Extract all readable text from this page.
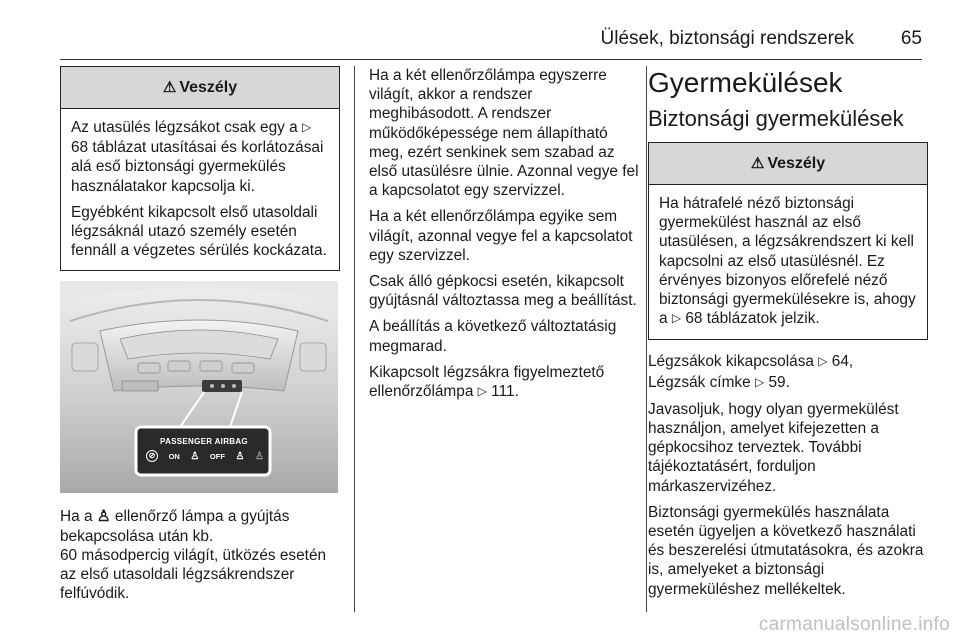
Ülések, biztonsági rendszerek 65
⚠ Veszély

Az utasülés légzsákot csak egy a ▷ 68 táblázat utasításai és korlátozásai alá eső biztonsági gyermekülés használatakor kapcsolja ki.

Egyébként kikapcsolt első utasoldali légzsáknál utazó személy esetén fennáll a végzetes sérülés kockázata.

PASSENGER AIRBAG
⊘	ON ♙ OFF ♙ ♙

Ha a ♙ ellenőrző lámpa a gyújtás bekapcsolása után kb.

60 másodpercig világít, ütközés esetén az első utasoldali légzsákrendszer felfúvódik.

Ha a két ellenőrzőlámpa egyszerre világít, akkor a rendszer meghibásodott. A rendszer működőképessége nem állapítható meg, ezért senkinek sem szabad az első utasülésre ülnie. Azonnal vegye fel a kapcsolatot egy szervizzel.

Ha a két ellenőrzőlámpa egyike sem világít, azonnal vegye fel a kapcsolatot egy szervizzel.

Csak álló gépkocsi esetén, kikapcsolt gyújtásnál változtassa meg a beállítást.

A beállítás a következő változtatásig megmarad.

Kikapcsolt légzsákra figyelmeztető ellenőrzőlámpa ▷ 111.

Gyermekülések
Biztonsági gyermekülések
⚠ Veszély

Ha hátrafelé néző biztonsági gyermekülést használ az első utasülésen, a légzsákrendszert ki kell kapcsolni az első utasülésnél. Ez érvényes bizonyos előrefelé néző biztonsági gyermekülésekre is, ahogy a ▷ 68 táblázatok jelzik.

Légzsákok kikapcsolása ▷ 64,
Légzsák címke ▷ 59.

Javasoljuk, hogy olyan gyermekülést használjon, amelyet kifejezetten a gépkocsihoz terveztek. További tájékoztatásért, forduljon márkaszervizéhez.

Biztonsági gyermekülés használata esetén ügyeljen a következő használati és beszerelési útmutatásokra, és azokra is, amelyeket a biztonsági gyermeküléshez mellékeltek.

carmanualsonline.info
